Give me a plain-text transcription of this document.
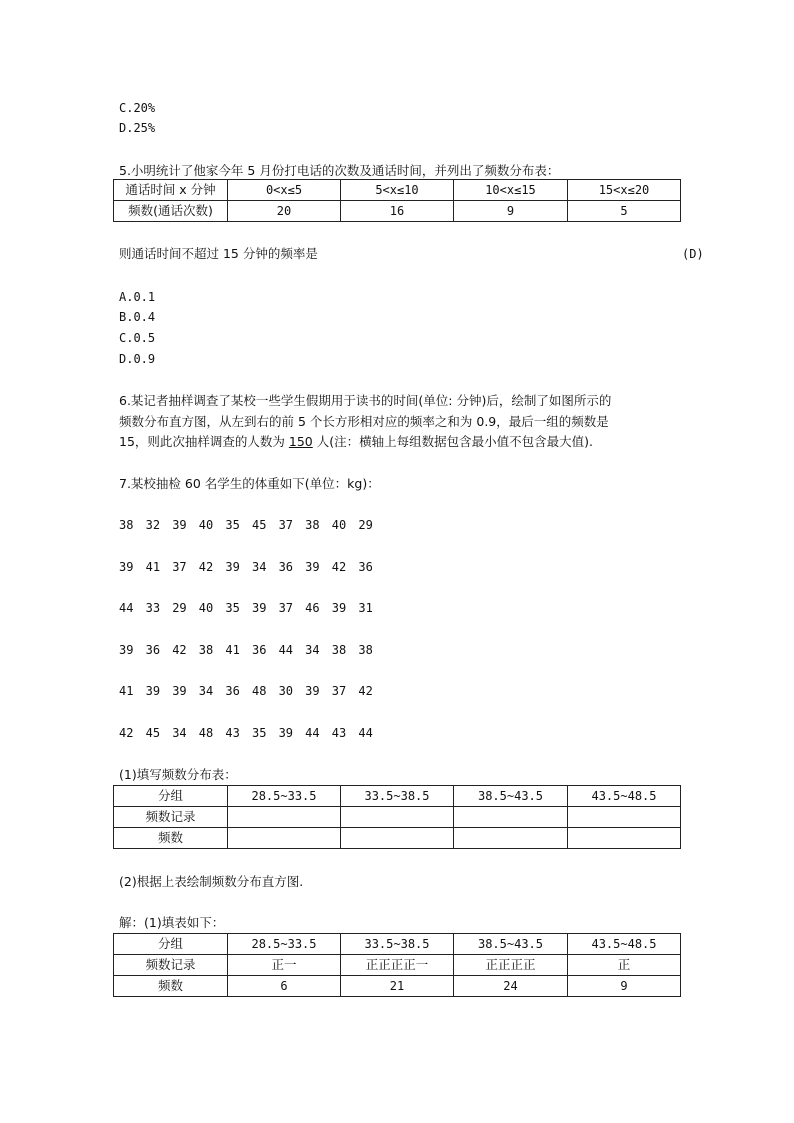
C.20%
D.25%
5.小明统计了他家今年 5 月份打电话的次数及通话时间，并列出了频数分布表：
通话时间 x 分钟	0<x≤5	5<x≤10	10<x≤15	15<x≤20
频数(通话次数)	20	16	9	5
则通话时间不超过 15 分钟的频率是	(D)
A.0.1
B.0.4
C.0.5
D.0.9
6.某记者抽样调查了某校一些学生假期用于读书的时间(单位: 分钟)后，绘制了如图所示的
频数分布直方图，从左到右的前 5 个长方形相对应的频率之和为 0.9，最后一组的频数是
15，则此次抽样调查的人数为 150 人(注：横轴上每组数据包含最小值不包含最大值).
7.某校抽检 60 名学生的体重如下(单位：kg)：
38 32 39 40 35 45 37 38 40 29
39 41 37 42 39 34 36 39 42 36
44 33 29 40 35 39 37 46 39 31
39 36 42 38 41 36 44 34 38 38
41 39 39 34 36 48 30 39 37 42
42 45 34 48 43 35 39 44 43 44
(1)填写频数分布表：
分组	28.5~33.5	33.5~38.5	38.5~43.5	43.5~48.5
频数记录				
频数				
(2)根据上表绘制频数分布直方图.
解：(1)填表如下：
分组	28.5~33.5	33.5~38.5	38.5~43.5	43.5~48.5
频数记录	正一	正正正正一	正正正正	正
频数	6	21	24	9
